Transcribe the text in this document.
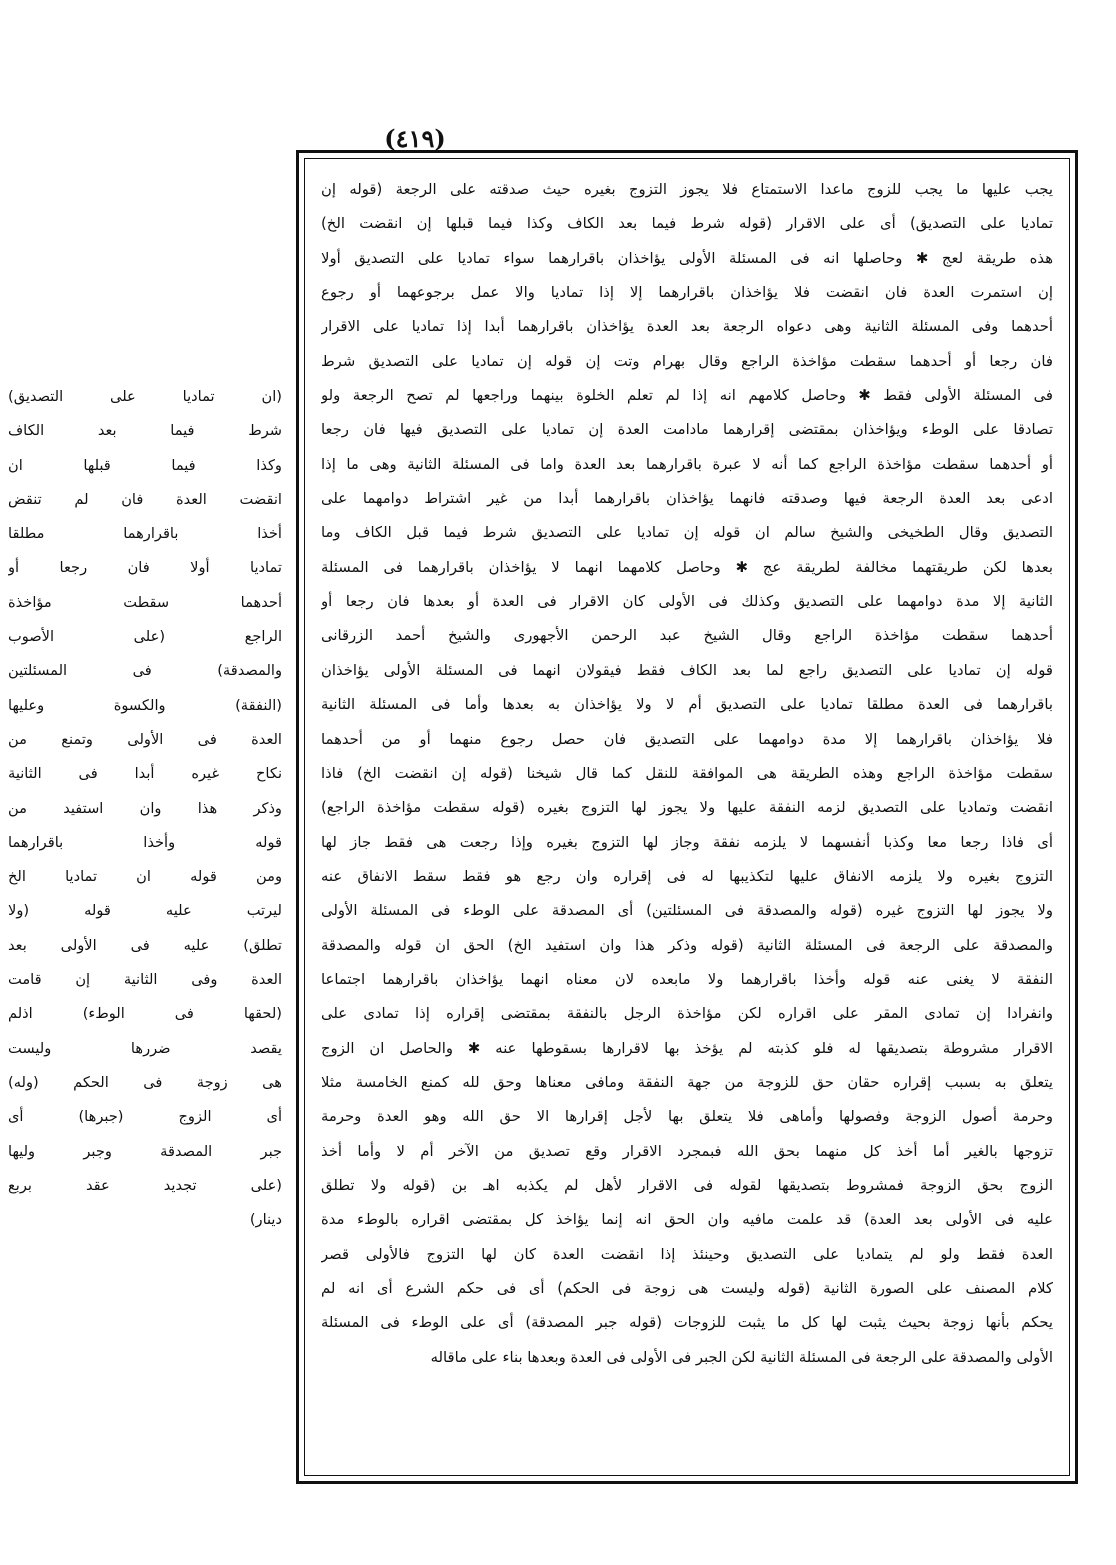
(٤١٩)
يجب عليها ما يجب للزوج ماعدا الاستمتاع فلا يجوز التزوج بغيره حيث صدقته على الرجعة (قوله إن
تماديا على التصديق) أى على الاقرار (قوله شرط فيما بعد الكاف وكذا فيما قبلها إن انقضت الخ)
هذه طريقة لعج ✱ وحاصلها انه فى المسئلة الأولى يؤاخذان باقرارهما سواء تماديا على التصديق أولا
إن استمرت العدة فان انقضت فلا يؤاخذان باقرارهما إلا إذا تماديا والا عمل برجوعهما أو رجوع
أحدهما وفى المسئلة الثانية وهى دعواه الرجعة بعد العدة يؤاخذان باقرارهما أبدا إذا تماديا على الاقرار
فان رجعا أو أحدهما سقطت مؤاخذة الراجع وقال بهرام وتت إن قوله إن تماديا على التصديق شرط
فى المسئلة الأولى فقط ✱ وحاصل كلامهم انه إذا لم تعلم الخلوة بينهما وراجعها لم تصح الرجعة ولو
تصادقا على الوطء ويؤاخذان بمقتضى إقرارهما مادامت العدة إن تماديا على التصديق فيها فان رجعا
أو أحدهما سقطت مؤاخذة الراجع كما أنه لا عبرة باقرارهما بعد العدة واما فى المسئلة الثانية وهى ما إذا
ادعى بعد العدة الرجعة فيها وصدقته فانهما يؤاخذان باقرارهما أبدا من غير اشتراط دوامهما على
التصديق وقال الطخيخى والشيخ سالم ان قوله إن تماديا على التصديق شرط فيما قبل الكاف وما
بعدها لكن طريقتهما مخالفة لطريقة عج ✱ وحاصل كلامهما انهما لا يؤاخذان باقرارهما فى المسئلة
الثانية إلا مدة دوامهما على التصديق وكذلك فى الأولى كان الاقرار فى العدة أو بعدها فان رجعا أو
أحدهما سقطت مؤاخذة الراجع وقال الشيخ عبد الرحمن الأجهورى والشيخ أحمد الزرقانى
قوله إن تماديا على التصديق راجع لما بعد الكاف فقط فيقولان انهما فى المسئلة الأولى يؤاخذان
باقرارهما فى العدة مطلقا تماديا على التصديق أم لا ولا يؤاخذان به بعدها وأما فى المسئلة الثانية
فلا يؤاخذان باقرارهما إلا مدة دوامهما على التصديق فان حصل رجوع منهما أو من أحدهما
سقطت مؤاخذة الراجع وهذه الطريقة هى الموافقة للنقل كما قال شيخنا (قوله إن انقضت الخ) فاذا
انقضت وتماديا على التصديق لزمه النفقة عليها ولا يجوز لها التزوج بغيره (قوله سقطت مؤاخذة الراجع)
أى فاذا رجعا معا وكذبا أنفسهما لا يلزمه نفقة وجاز لها التزوج بغيره وإذا رجعت هى فقط جاز لها
التزوج بغيره ولا يلزمه الانفاق عليها لتكذيبها له فى إقراره وان رجع هو فقط سقط الانفاق عنه
ولا يجوز لها التزوج غيره (قوله والمصدقة فى المسئلتين) أى المصدقة على الوطء فى المسئلة الأولى
والمصدقة على الرجعة فى المسئلة الثانية (قوله وذكر هذا وان استفيد الخ) الحق ان قوله والمصدقة
النفقة لا يغنى عنه قوله وأخذا باقرارهما ولا مابعده لان معناه انهما يؤاخذان باقرارهما اجتماعا
وانفرادا إن تمادى المقر على اقراره لكن مؤاخذة الرجل بالنفقة بمقتضى إقراره إذا تمادى على
الاقرار مشروطة بتصديقها له فلو كذبته لم يؤخذ بها لاقرارها بسقوطها عنه ✱ والحاصل ان الزوج
يتعلق به بسبب إقراره حقان حق للزوجة من جهة النفقة ومافى معناها وحق لله كمنع الخامسة مثلا
وحرمة أصول الزوجة وفصولها وأماهى فلا يتعلق بها لأجل إقرارها الا حق الله وهو العدة وحرمة
تزوجها بالغير أما أخذ كل منهما بحق الله فبمجرد الاقرار وقع تصديق من الآخر أم لا وأما أخذ
الزوج بحق الزوجة فمشروط بتصديقها لقوله فى الاقرار لأهل لم يكذبه اهـ بن (قوله ولا تطلق
عليه فى الأولى بعد العدة) قد علمت مافيه وان الحق انه إنما يؤاخذ كل بمقتضى اقراره بالوطء مدة
العدة فقط ولو لم يتماديا على التصديق وحينئذ إذا انقضت العدة كان لها التزوج فالأولى قصر
كلام المصنف على الصورة الثانية (قوله وليست هى زوجة فى الحكم) أى فى حكم الشرع أى انه لم
يحكم بأنها زوجة بحيث يثبت لها كل ما يثبت للزوجات (قوله جبر المصدقة) أى على الوطء فى المسئلة
الأولى والمصدقة على الرجعة فى المسئلة الثانية لكن الجبر فى الأولى فى العدة وبعدها بناء على ماقاله
(ان تماديا على التصديق)
شرط فيما بعد الكاف
وكذا فيما قبلها ان
انقضت العدة فان لم تنقض
أخذا باقرارهما مطلقا
تماديا أولا فان رجعا أو
أحدهما سقطت مؤاخذة
الراجع (على الأصوب
والمصدقة) فى المسئلتين
(النفقة) والكسوة وعليها
العدة فى الأولى وتمنع من
نكاح غيره أبدا فى الثانية
وذكر هذا وان استفيد من
قوله وأخذا باقرارهما
ومن قوله ان تماديا الخ
ليرتب عليه قوله (ولا
تطلق) عليه فى الأولى بعد
العدة وفى الثانية إن قامت
(لحقها فى الوطء) اذلم
يقصد ضررها وليست
هى زوجة فى الحكم (وله)
أى الزوج (جبرها) أى
جبر المصدقة وجبر وليها
(على تجديد عقد بربع
دينار)
